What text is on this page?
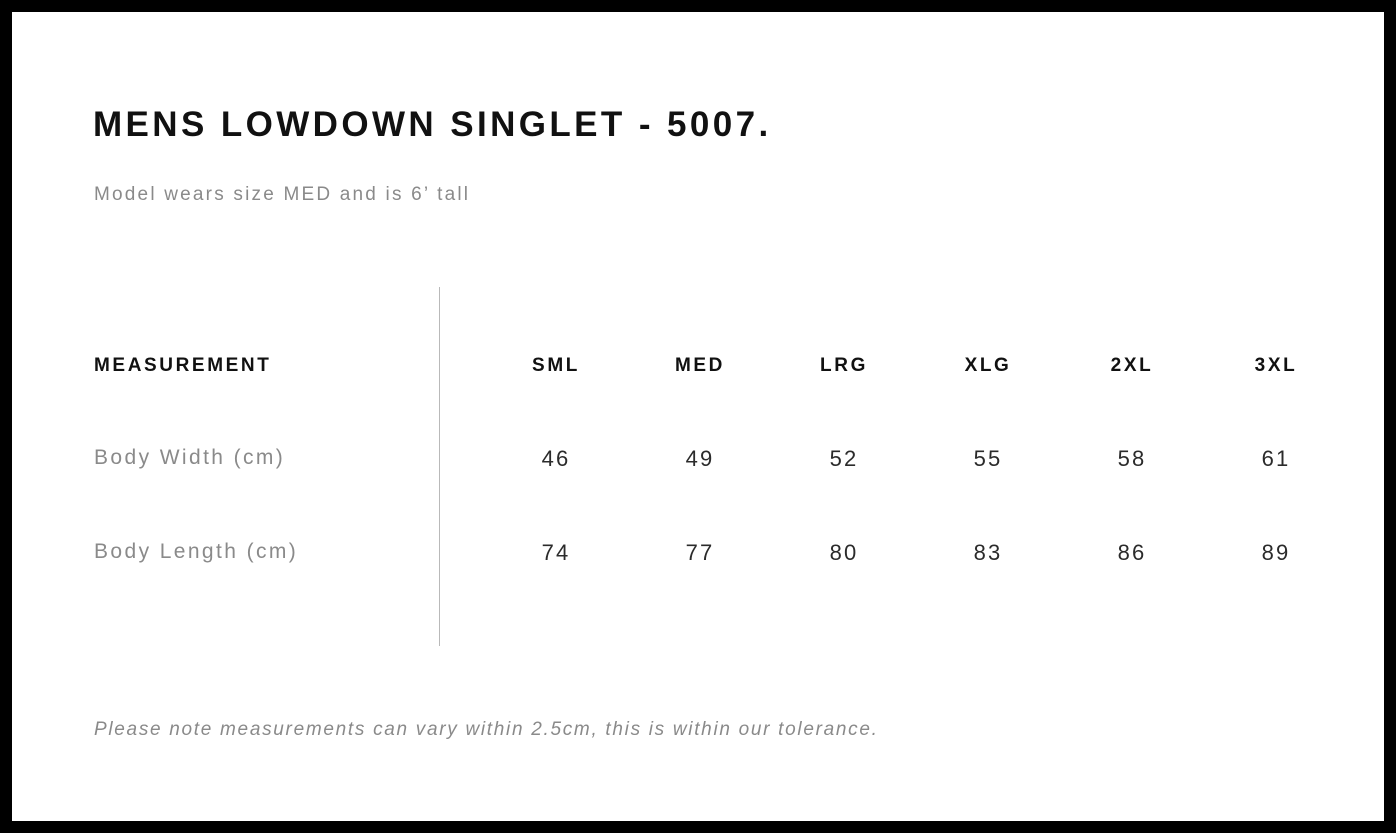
MENS LOWDOWN SINGLET - 5007.
Model wears size MED and is 6’ tall
MEASUREMENT	SML	MED	LRG	XLG	2XL	3XL
Body Width (cm)	46	49	52	55	58	61
Body Length (cm)	74	77	80	83	86	89
Please note measurements can vary within 2.5cm, this is within our tolerance.
